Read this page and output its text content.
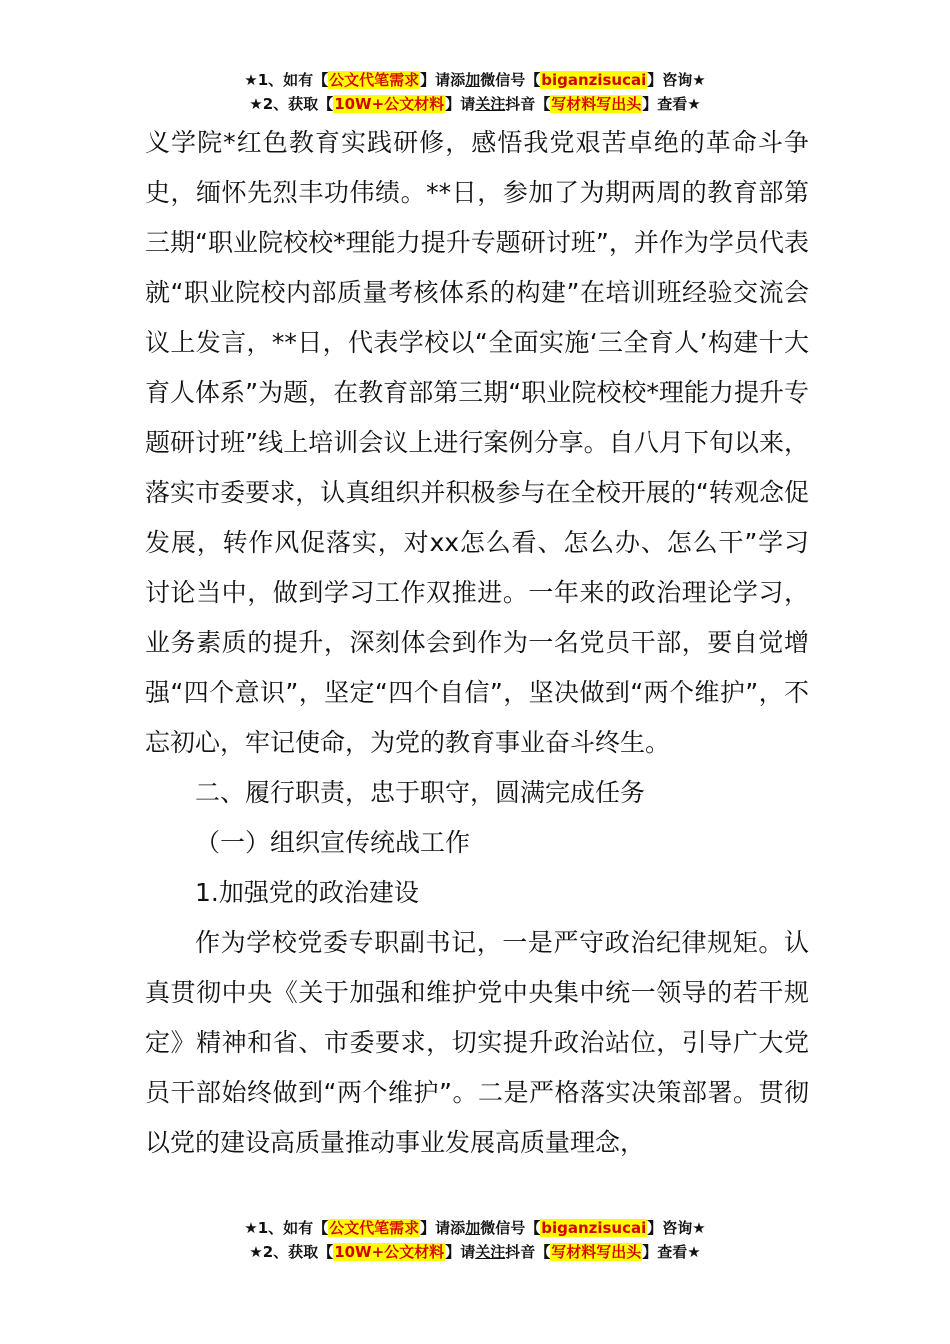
★1、如有【公文代笔需求】请添加微信号【biganzisucai】咨询★
★2、获取【10W+公文材料】请关注抖音【写材料写出头】查看★

义学院*红色教育实践研修，感悟我党艰苦卓绝的革命斗争史，缅怀先烈丰功伟绩。**日，参加了为期两周的教育部第三期“职业院校校*理能力提升专题研讨班”，并作为学员代表就“职业院校内部质量考核体系的构建”在培训班经验交流会议上发言，**日，代表学校以“全面实施‘三全育人’构建十大育人体系”为题，在教育部第三期“职业院校校*理能力提升专题研讨班”线上培训会议上进行案例分享。自八月下旬以来，落实市委要求，认真组织并积极参与在全校开展的“转观念促发展，转作风促落实，对xx怎么看、怎么办、怎么干”学习讨论当中，做到学习工作双推进。一年来的政治理论学习，业务素质的提升，深刻体会到作为一名党员干部，要自觉增强“四个意识”，坚定“四个自信”，坚决做到“两个维护”，不忘初心，牢记使命，为党的教育事业奋斗终生。

二、履行职责，忠于职守，圆满完成任务

（一）组织宣传统战工作

1.加强党的政治建设

作为学校党委专职副书记，一是严守政治纪律规矩。认真贯彻中央《关于加强和维护党中央集中统一领导的若干规定》精神和省、市委要求，切实提升政治站位，引导广大党员干部始终做到“两个维护”。二是严格落实决策部署。贯彻以党的建设高质量推动事业发展高质量理念，

★1、如有【公文代笔需求】请添加微信号【biganzisucai】咨询★
★2、获取【10W+公文材料】请关注抖音【写材料写出头】查看★
